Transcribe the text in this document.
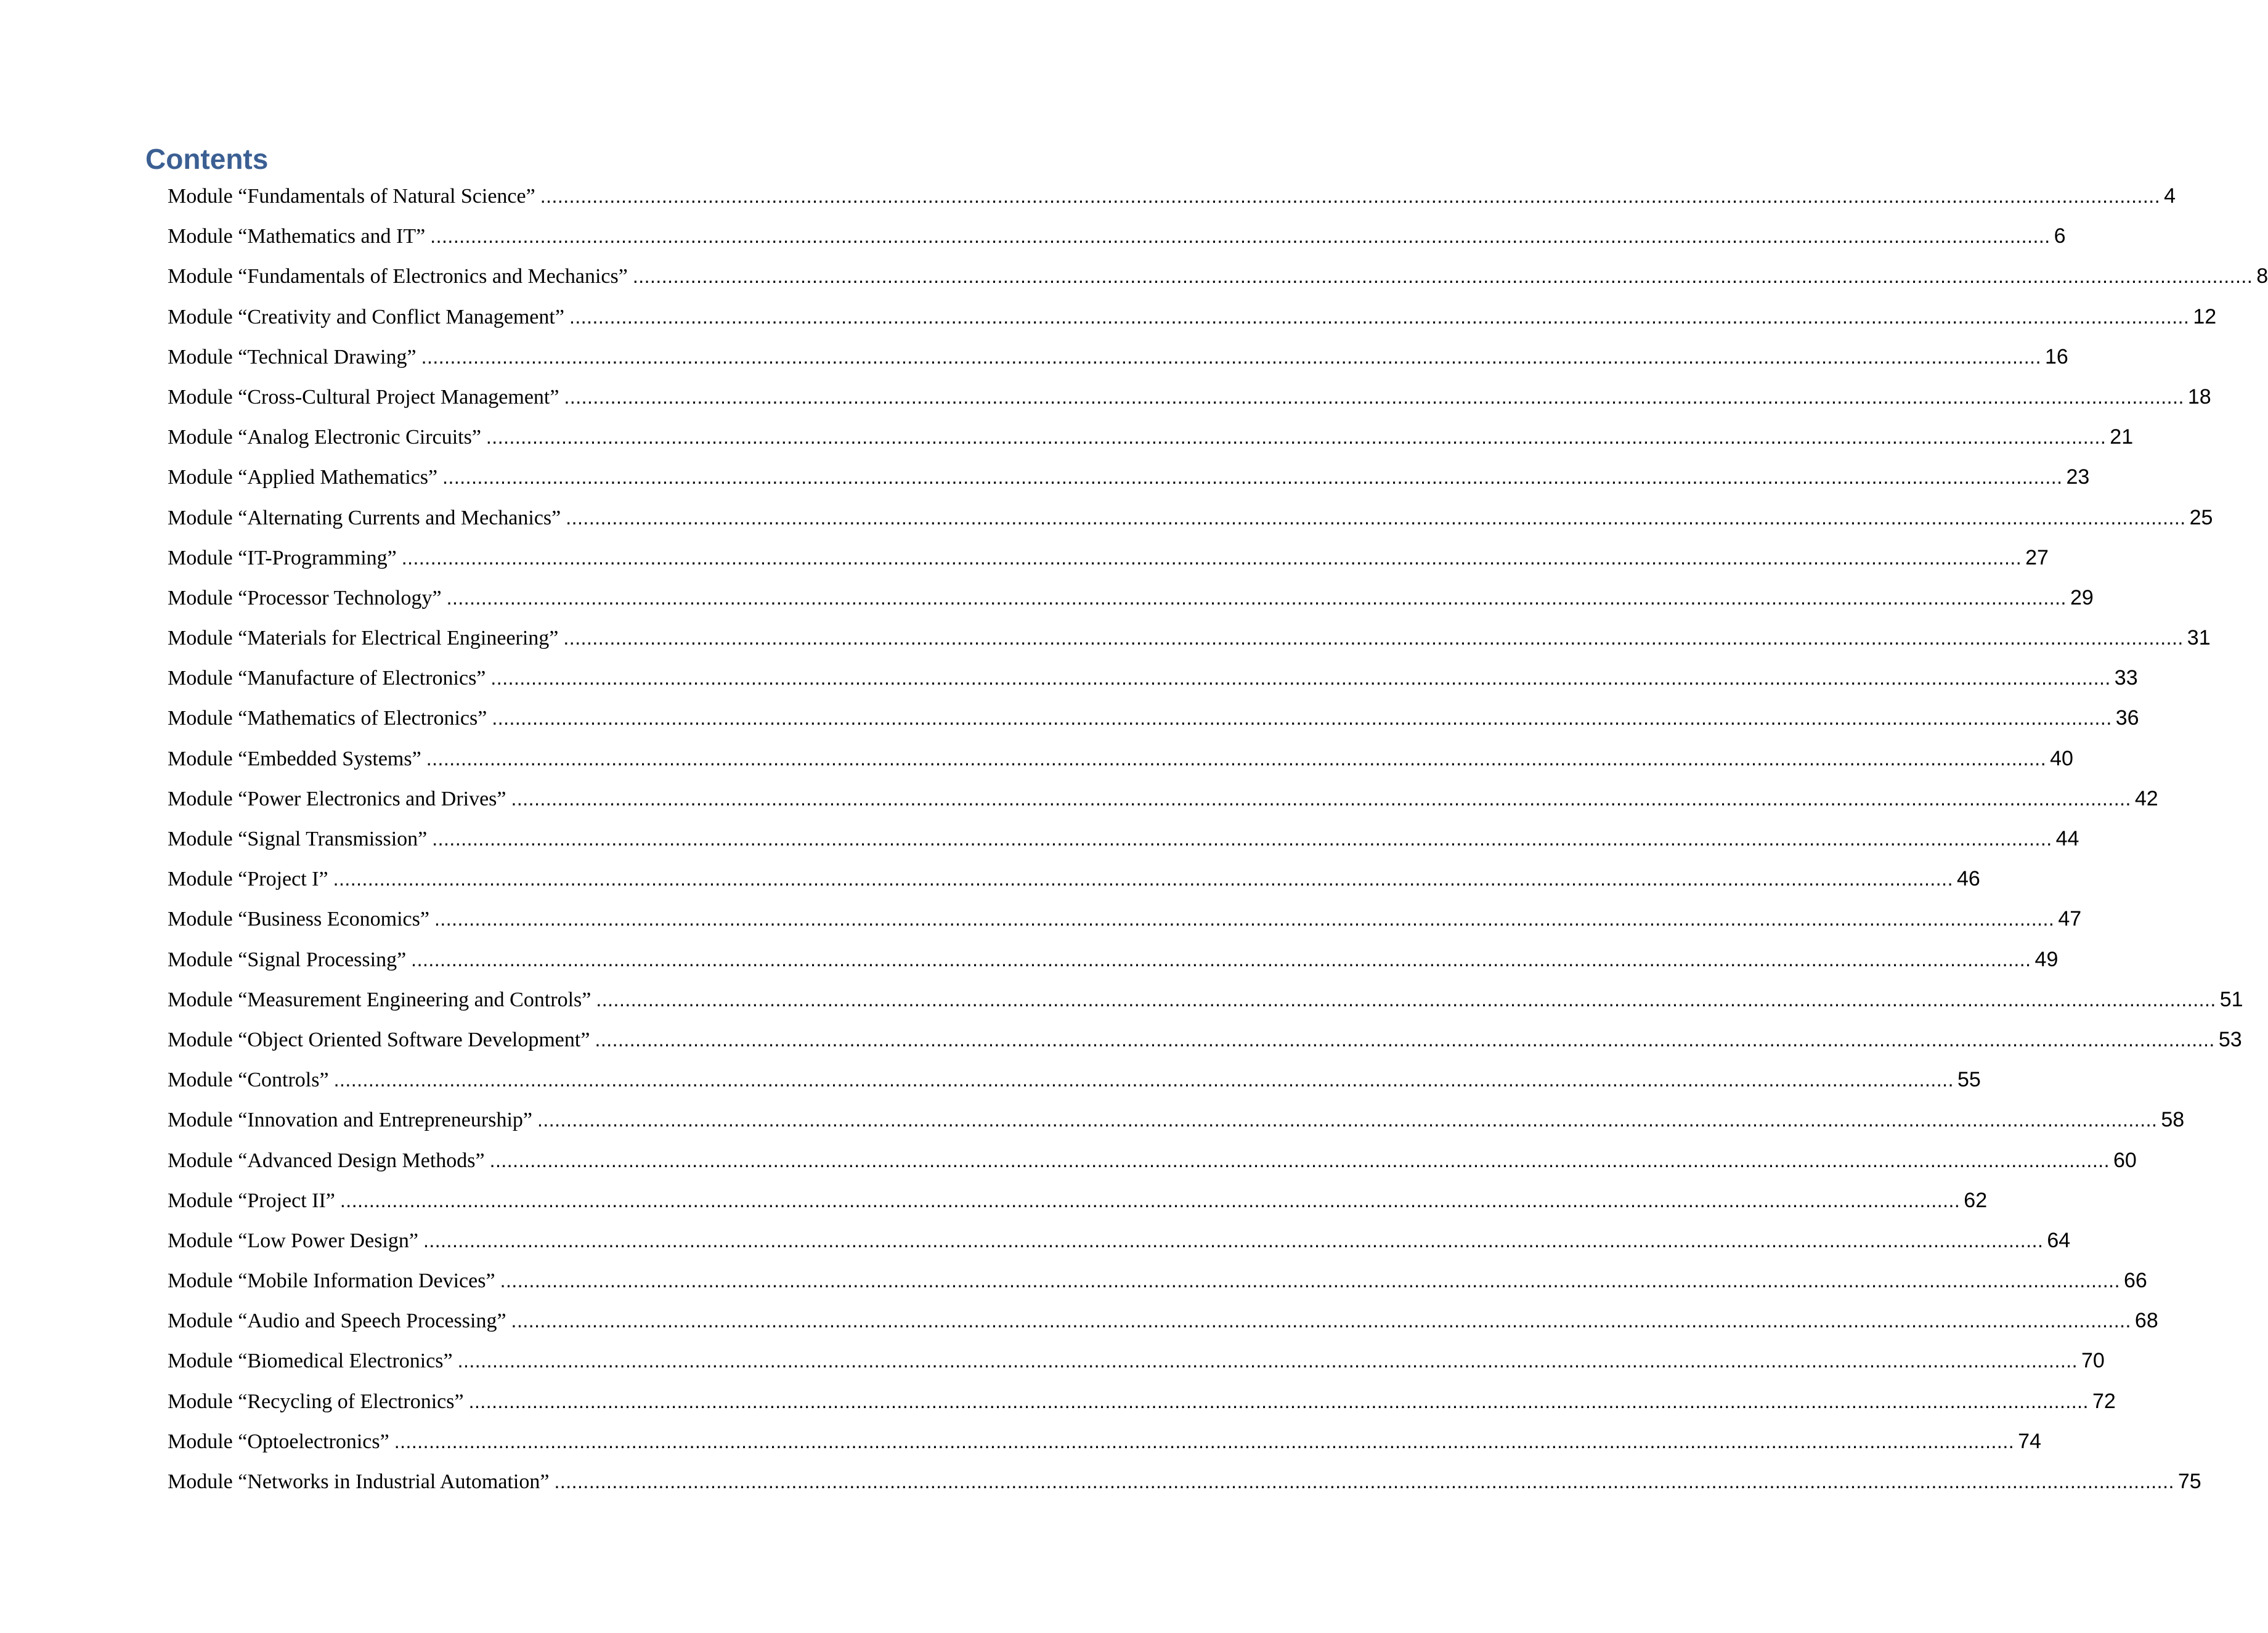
Contents
Module “Fundamentals of Natural Science” ........................................................................................................................................................................................................................................................................................ 4
Module “Mathematics and IT” ........................................................................................................................................................................................................................................................................................ 6
Module “Fundamentals of Electronics and Mechanics” ........................................................................................................................................................................................................................................................................................ 8
Module “Creativity and Conflict Management” ........................................................................................................................................................................................................................................................................................ 12
Module “Technical Drawing” ........................................................................................................................................................................................................................................................................................ 16
Module “Cross-Cultural Project Management” ........................................................................................................................................................................................................................................................................................ 18
Module “Analog Electronic Circuits” ........................................................................................................................................................................................................................................................................................ 21
Module “Applied Mathematics” ........................................................................................................................................................................................................................................................................................ 23
Module “Alternating Currents and Mechanics” ........................................................................................................................................................................................................................................................................................ 25
Module “IT-Programming” ........................................................................................................................................................................................................................................................................................ 27
Module “Processor Technology” ........................................................................................................................................................................................................................................................................................ 29
Module “Materials for Electrical Engineering” ........................................................................................................................................................................................................................................................................................ 31
Module “Manufacture of Electronics” ........................................................................................................................................................................................................................................................................................ 33
Module “Mathematics of Electronics” ........................................................................................................................................................................................................................................................................................ 36
Module “Embedded Systems” ........................................................................................................................................................................................................................................................................................ 40
Module “Power Electronics and Drives” ........................................................................................................................................................................................................................................................................................ 42
Module “Signal Transmission” ........................................................................................................................................................................................................................................................................................ 44
Module “Project I” ........................................................................................................................................................................................................................................................................................ 46
Module “Business Economics” ........................................................................................................................................................................................................................................................................................ 47
Module “Signal Processing” ........................................................................................................................................................................................................................................................................................ 49
Module “Measurement Engineering and Controls” ........................................................................................................................................................................................................................................................................................ 51
Module “Object Oriented Software Development” ........................................................................................................................................................................................................................................................................................ 53
Module “Controls” ........................................................................................................................................................................................................................................................................................ 55
Module “Innovation and Entrepreneurship” ........................................................................................................................................................................................................................................................................................ 58
Module “Advanced Design Methods” ........................................................................................................................................................................................................................................................................................ 60
Module “Project II” ........................................................................................................................................................................................................................................................................................ 62
Module “Low Power Design” ........................................................................................................................................................................................................................................................................................ 64
Module “Mobile Information Devices” ........................................................................................................................................................................................................................................................................................ 66
Module “Audio and Speech Processing” ........................................................................................................................................................................................................................................................................................ 68
Module “Biomedical Electronics” ........................................................................................................................................................................................................................................................................................ 70
Module “Recycling of Electronics” ........................................................................................................................................................................................................................................................................................ 72
Module “Optoelectronics” ........................................................................................................................................................................................................................................................................................ 74
Module “Networks in Industrial Automation” ........................................................................................................................................................................................................................................................................................ 75
